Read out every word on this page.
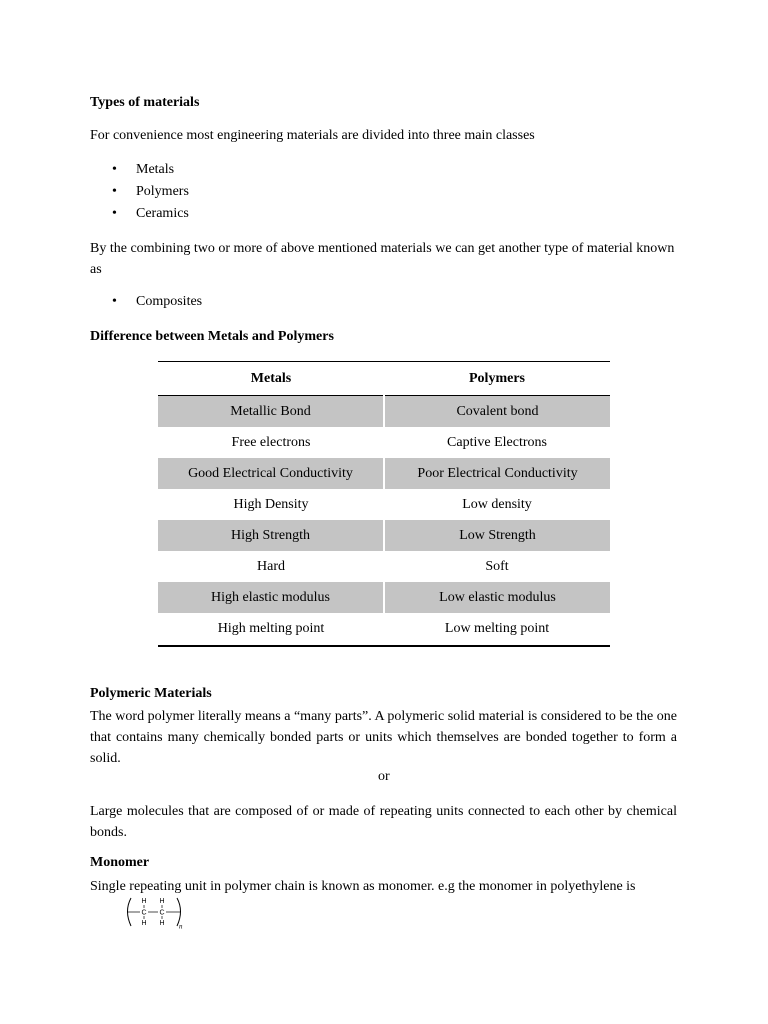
Types of materials
For convenience most engineering materials are divided into three main classes
• Metals
• Polymers
• Ceramics
By the combining two or more of above mentioned materials we can get another type of material known as
• Composites
Difference between Metals and Polymers
Metals	Polymers
Metallic Bond	Covalent bond
Free electrons	Captive Electrons
Good Electrical Conductivity	Poor Electrical Conductivity
High Density	Low density
High Strength	Low Strength
Hard	Soft
High elastic modulus	Low elastic modulus
High melting point	Low melting point
Polymeric Materials
The word polymer literally means a “many parts”. A polymeric solid material is considered to be the one that contains many chemically bonded parts or units which themselves are bonded together to form a solid.
or
Large molecules that are composed of or made of repeating units connected to each other by chemical bonds.
Monomer
Single repeating unit in polymer chain is known as monomer. e.g the monomer in polyethylene is
H H
C C
H H n
